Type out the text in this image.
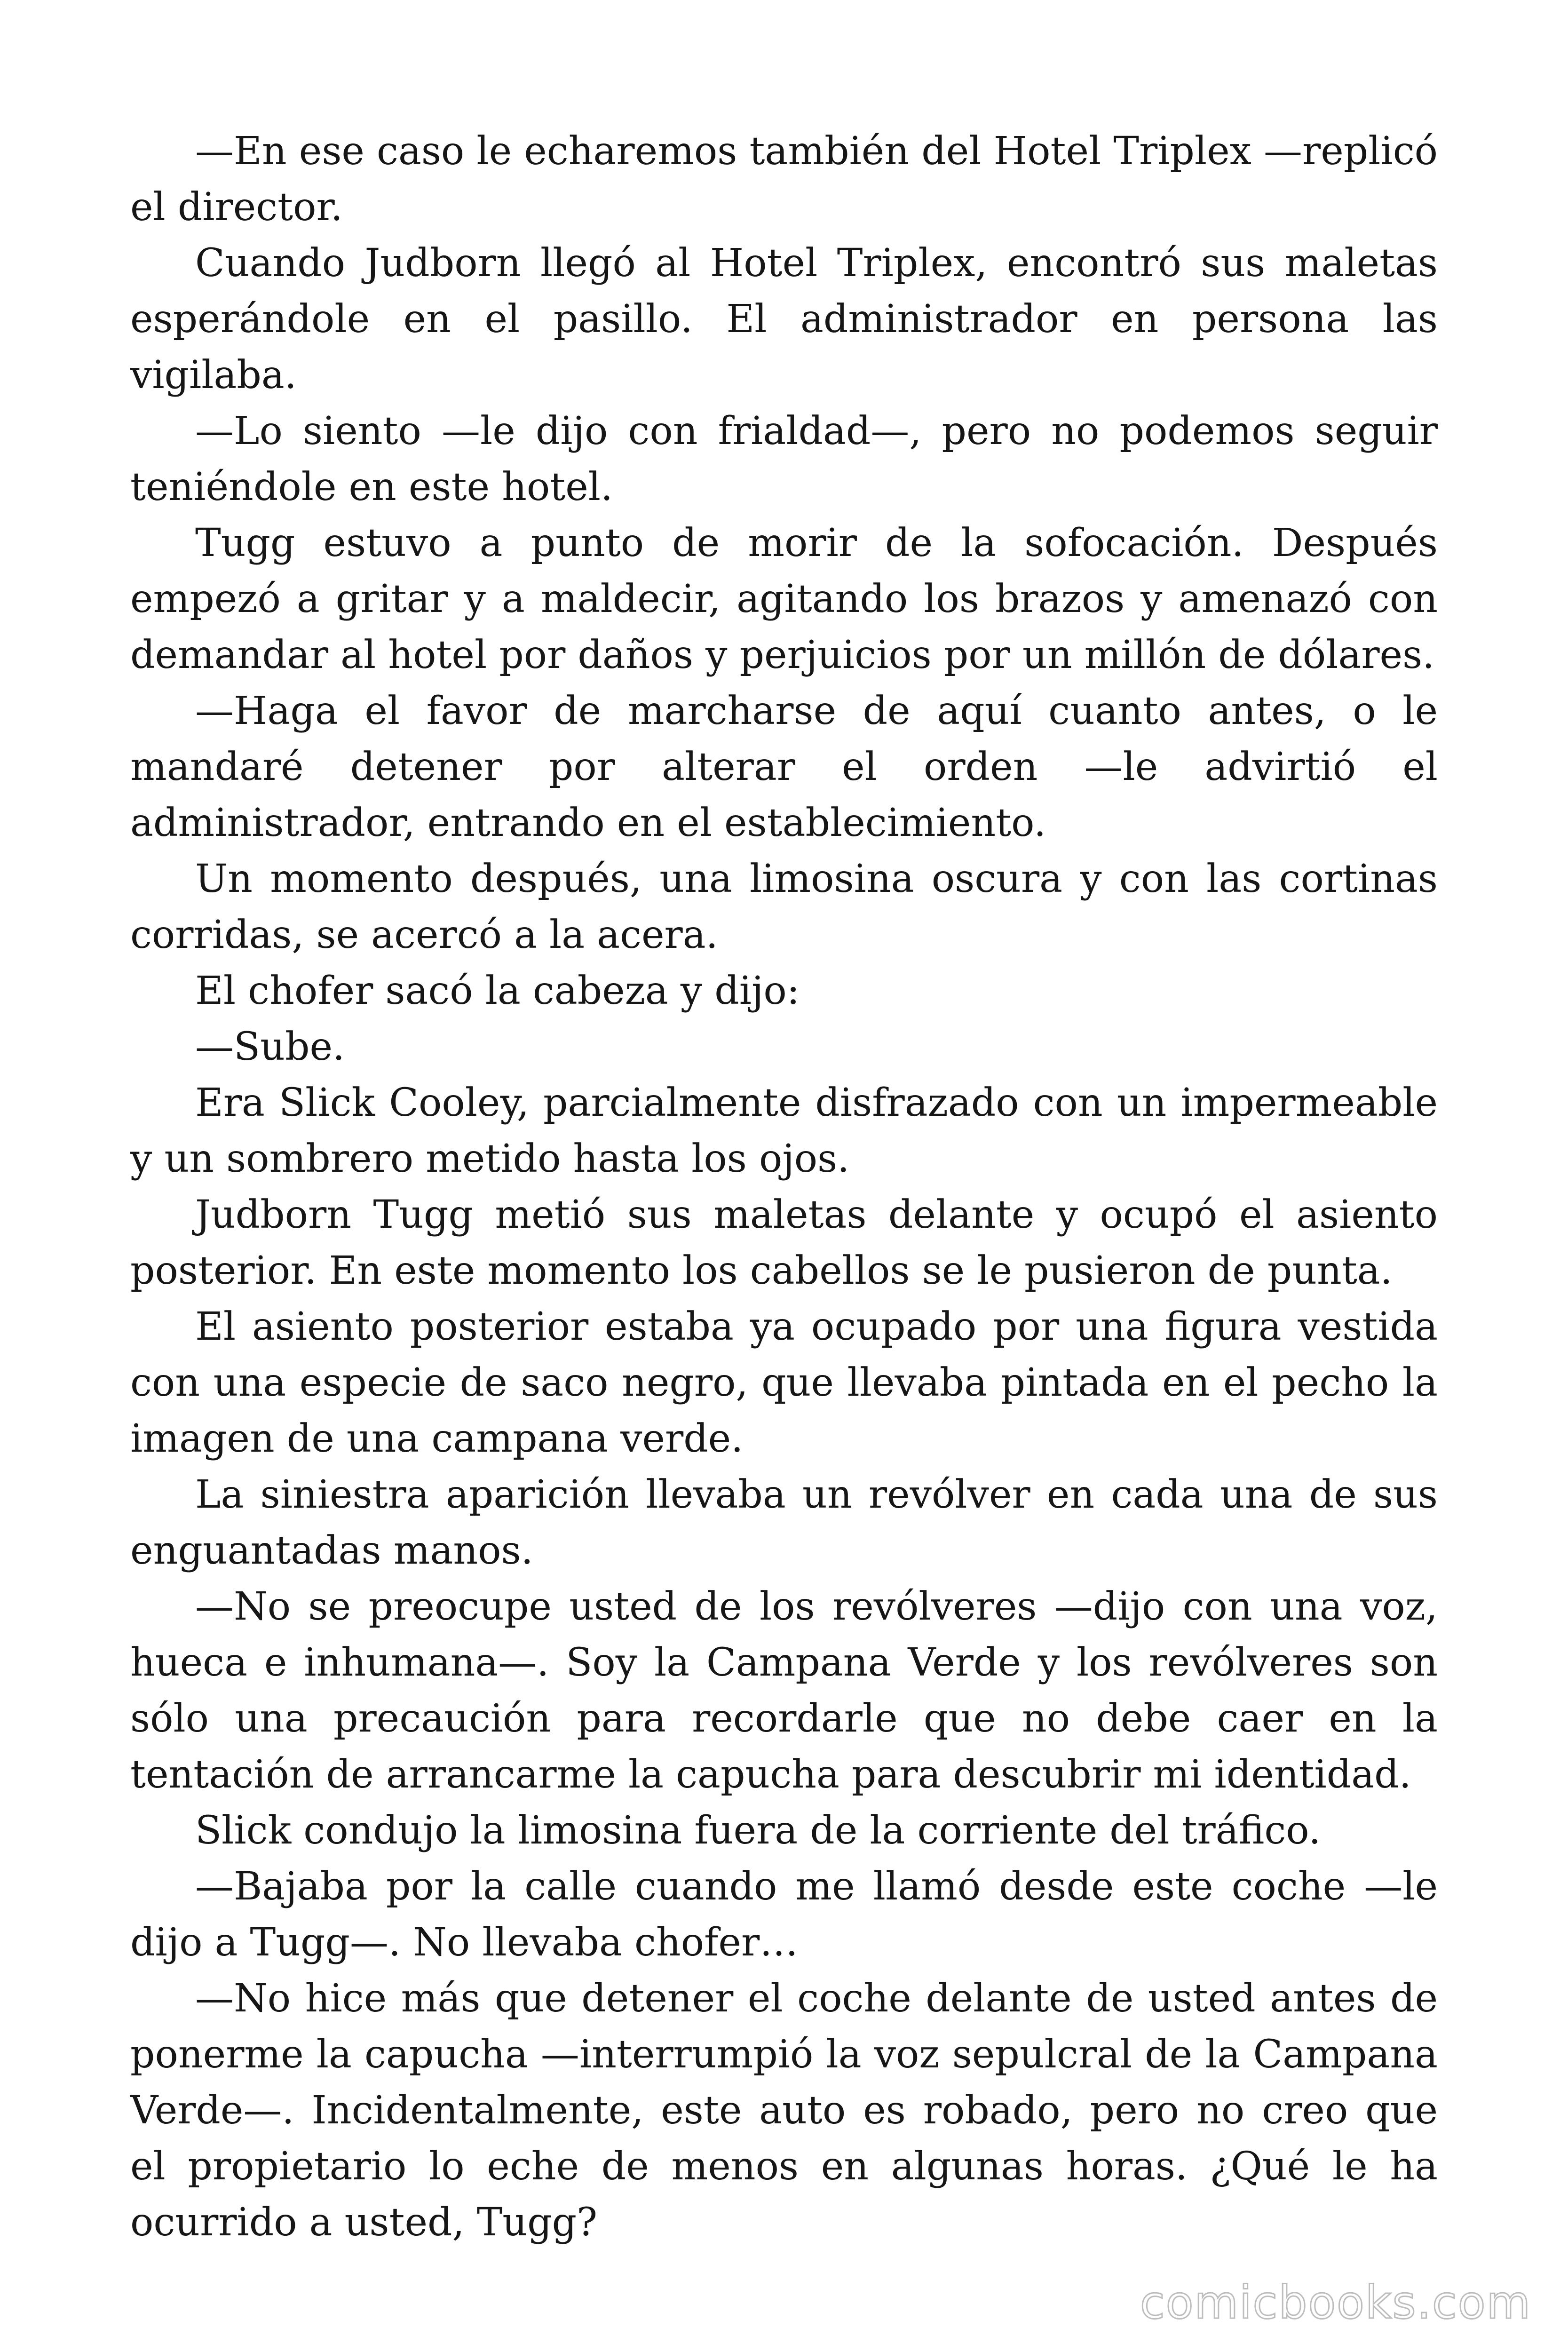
—En ese caso le echaremos también del Hotel Triplex —replicó el director.

Cuando Judborn llegó al Hotel Triplex, encontró sus maletas esperándole en el pasillo. El administrador en persona las vigilaba.

—Lo siento —le dijo con frialdad—, pero no podemos seguir teniéndole en este hotel.

Tugg estuvo a punto de morir de la sofocación. Después empezó a gritar y a maldecir, agitando los brazos y amenazó con demandar al hotel por daños y perjuicios por un millón de dólares.

—Haga el favor de marcharse de aquí cuanto antes, o le mandaré detener por alterar el orden —le advirtió el administrador, entrando en el establecimiento.

Un momento después, una limosina oscura y con las cortinas corridas, se acercó a la acera.

El chofer sacó la cabeza y dijo:

—Sube.

Era Slick Cooley, parcialmente disfrazado con un impermeable y un sombrero metido hasta los ojos.

Judborn Tugg metió sus maletas delante y ocupó el asiento posterior. En este momento los cabellos se le pusieron de punta.

El asiento posterior estaba ya ocupado por una figura vestida con una especie de saco negro, que llevaba pintada en el pecho la imagen de una campana verde.

La siniestra aparición llevaba un revólver en cada una de sus enguantadas manos.

—No se preocupe usted de los revólveres —dijo con una voz, hueca e inhumana—. Soy la Campana Verde y los revólveres son sólo una precaución para recordarle que no debe caer en la tentación de arrancarme la capucha para descubrir mi identidad.

Slick condujo la limosina fuera de la corriente del tráfico.

—Bajaba por la calle cuando me llamó desde este coche —le dijo a Tugg—. No llevaba chofer…

—No hice más que detener el coche delante de usted antes de ponerme la capucha —interrumpió la voz sepulcral de la Campana Verde—. Incidentalmente, este auto es robado, pero no creo que el propietario lo eche de menos en algunas horas. ¿Qué le ha ocurrido a usted, Tugg?

comicbooks.com
